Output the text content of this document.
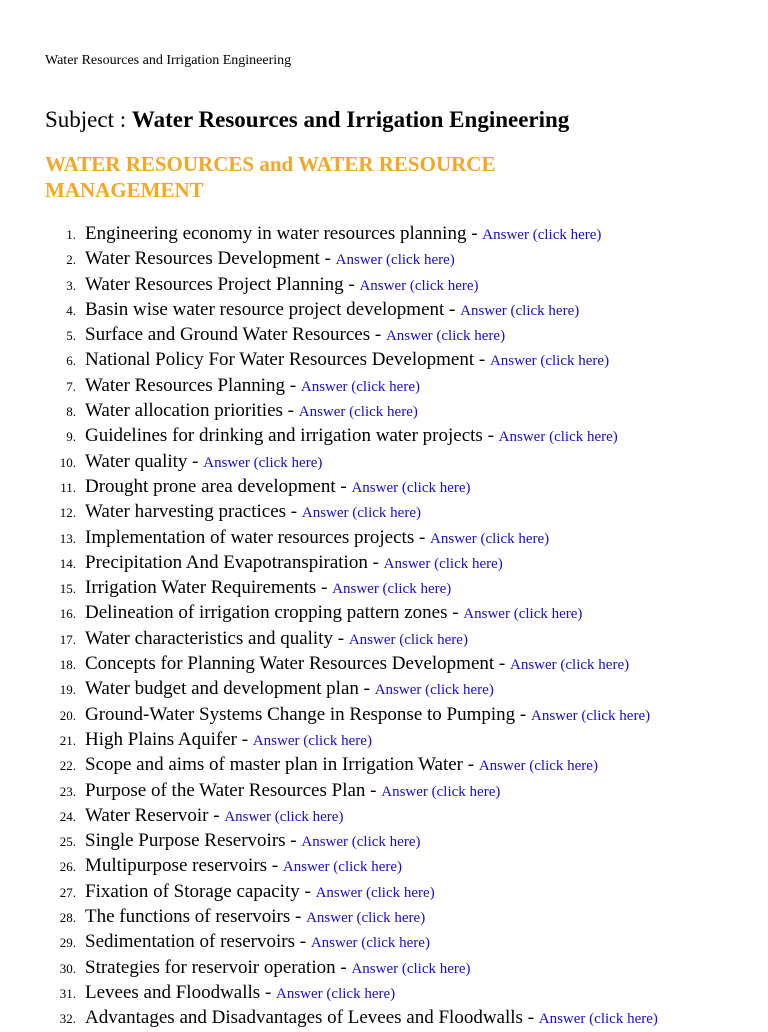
Water Resources and Irrigation Engineering
Subject : Water Resources and Irrigation Engineering
WATER RESOURCES and WATER RESOURCE MANAGEMENT
1. Engineering economy in water resources planning - Answer (click here)
2. Water Resources Development - Answer (click here)
3. Water Resources Project Planning - Answer (click here)
4. Basin wise water resource project development - Answer (click here)
5. Surface and Ground Water Resources - Answer (click here)
6. National Policy For Water Resources Development - Answer (click here)
7. Water Resources Planning - Answer (click here)
8. Water allocation priorities - Answer (click here)
9. Guidelines for drinking and irrigation water projects - Answer (click here)
10. Water quality - Answer (click here)
11. Drought prone area development - Answer (click here)
12. Water harvesting practices - Answer (click here)
13. Implementation of water resources projects - Answer (click here)
14. Precipitation And Evapotranspiration - Answer (click here)
15. Irrigation Water Requirements - Answer (click here)
16. Delineation of irrigation cropping pattern zones - Answer (click here)
17. Water characteristics and quality - Answer (click here)
18. Concepts for Planning Water Resources Development - Answer (click here)
19. Water budget and development plan - Answer (click here)
20. Ground-Water Systems Change in Response to Pumping - Answer (click here)
21. High Plains Aquifer - Answer (click here)
22. Scope and aims of master plan in Irrigation Water - Answer (click here)
23. Purpose of the Water Resources Plan - Answer (click here)
24. Water Reservoir - Answer (click here)
25. Single Purpose Reservoirs - Answer (click here)
26. Multipurpose reservoirs - Answer (click here)
27. Fixation of Storage capacity - Answer (click here)
28. The functions of reservoirs - Answer (click here)
29. Sedimentation of reservoirs - Answer (click here)
30. Strategies for reservoir operation - Answer (click here)
31. Levees and Floodwalls - Answer (click here)
32. Advantages and Disadvantages of Levees and Floodwalls - Answer (click here)
